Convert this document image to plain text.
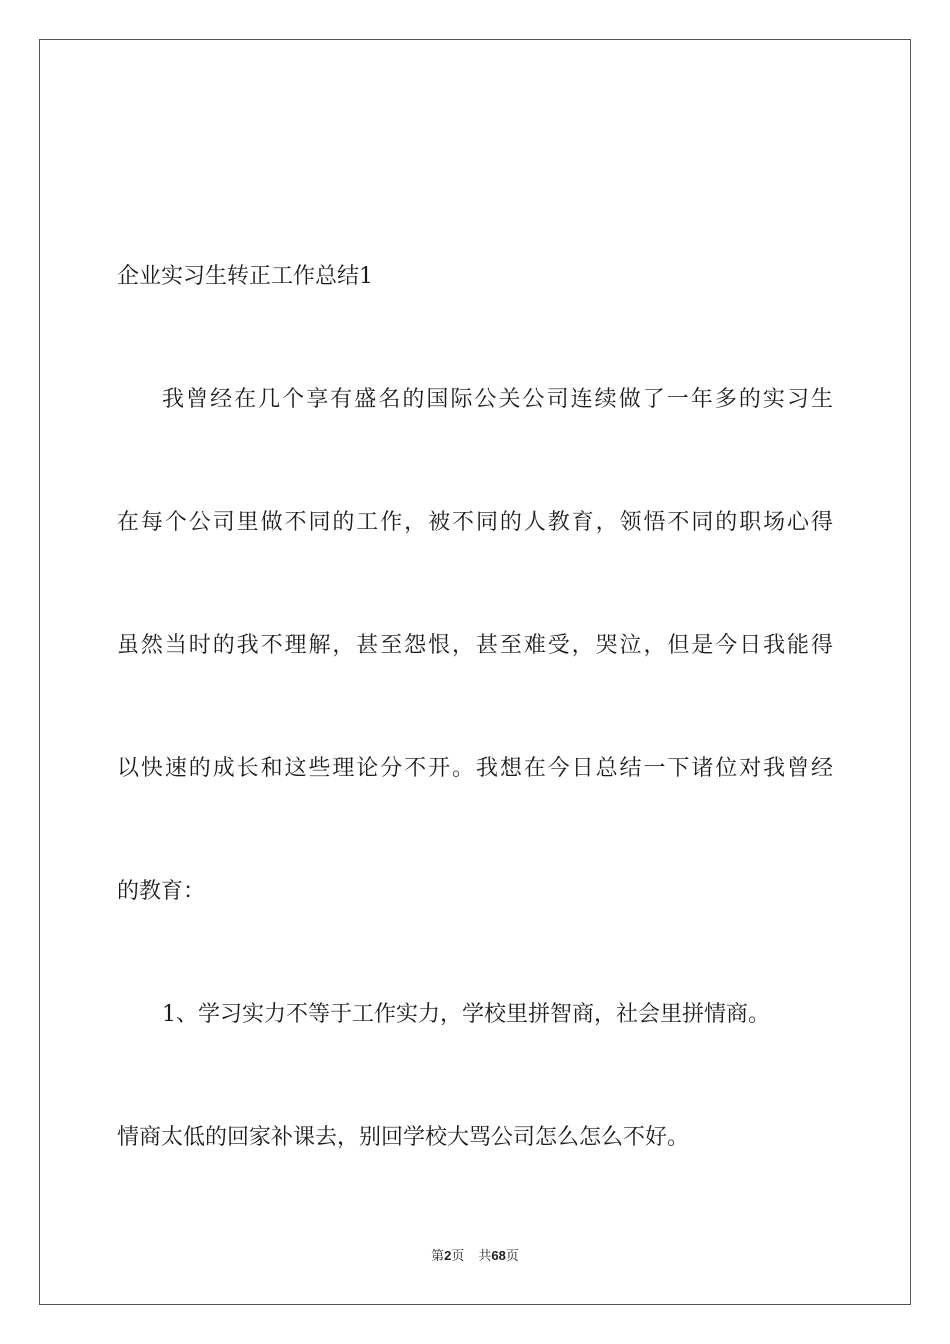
企业实习生转正工作总结1
我曾经在几个享有盛名的国际公关公司连续做了一年多的实习生
在每个公司里做不同的工作，被不同的人教育，领悟不同的职场心得
虽然当时的我不理解，甚至怨恨，甚至难受，哭泣，但是今日我能得
以快速的成长和这些理论分不开。我想在今日总结一下诸位对我曾经
的教育：
1、学习实力不等于工作实力，学校里拼智商，社会里拼情商。
情商太低的回家补课去，别回学校大骂公司怎么怎么不好。
第2页 共68页
